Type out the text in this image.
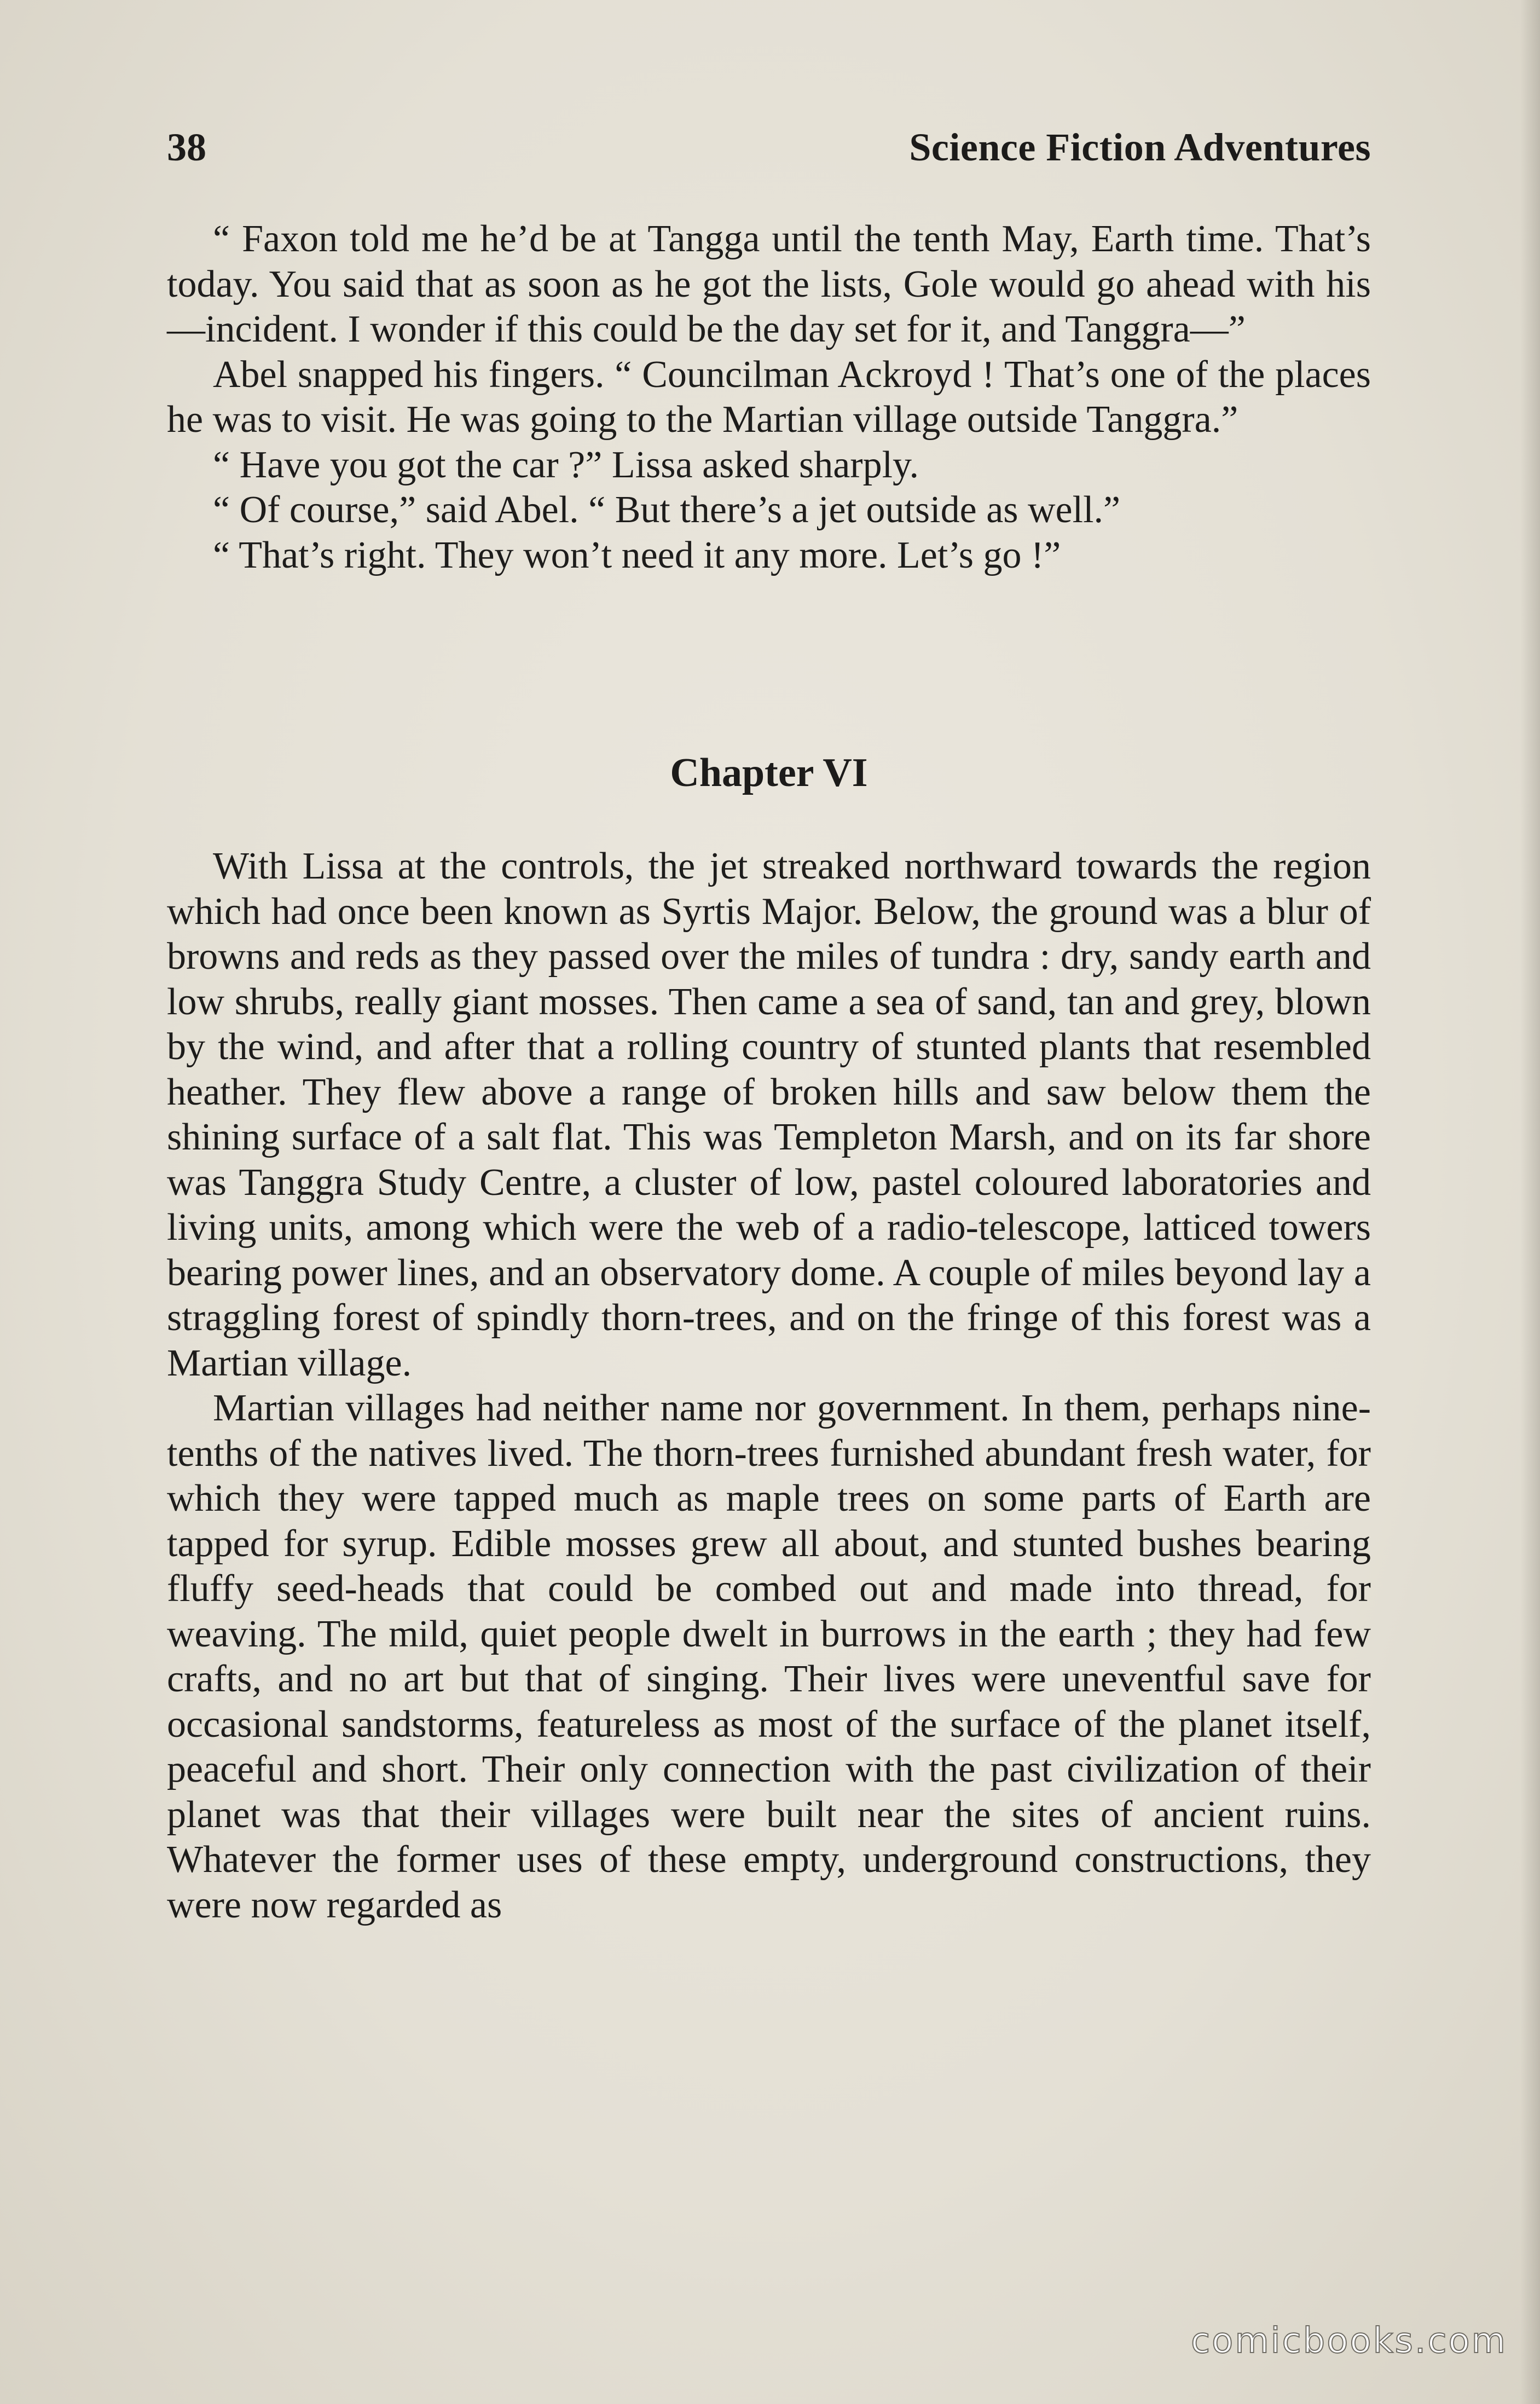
38	Science Fiction Adventures

“ Faxon told me he’d be at Tangga until the tenth May, Earth time. That’s today. You said that as soon as he got the lists, Gole would go ahead with his—incident. I wonder if this could be the day set for it, and Tanggra—”

Abel snapped his fingers. “ Councilman Ackroyd ! That’s one of the places he was to visit. He was going to the Martian village outside Tanggra.”

“ Have you got the car ?” Lissa asked sharply.

“ Of course,” said Abel. “ But there’s a jet outside as well.”

“ That’s right. They won’t need it any more. Let’s go !”

Chapter VI

With Lissa at the controls, the jet streaked northward towards the region which had once been known as Syrtis Major. Below, the ground was a blur of browns and reds as they passed over the miles of tundra : dry, sandy earth and low shrubs, really giant mosses. Then came a sea of sand, tan and grey, blown by the wind, and after that a rolling country of stunted plants that resembled heather. They flew above a range of broken hills and saw below them the shining surface of a salt flat. This was Templeton Marsh, and on its far shore was Tanggra Study Centre, a cluster of low, pastel coloured laboratories and living units, among which were the web of a radio-telescope, latticed towers bearing power lines, and an observatory dome. A couple of miles beyond lay a straggling forest of spindly thorn-trees, and on the fringe of this forest was a Martian village.

Martian villages had neither name nor government. In them, perhaps nine-tenths of the natives lived. The thorn-trees furnished abundant fresh water, for which they were tapped much as maple trees on some parts of Earth are tapped for syrup. Edible mosses grew all about, and stunted bushes bearing fluffy seed-heads that could be combed out and made into thread, for weaving. The mild, quiet people dwelt in burrows in the earth ; they had few crafts, and no art but that of singing. Their lives were uneventful save for occasional sandstorms, featureless as most of the surface of the planet itself, peaceful and short. Their only connection with the past civilization of their planet was that their villages were built near the sites of ancient ruins. Whatever the former uses of these empty, underground constructions, they were now regarded as

comicbooks.com
